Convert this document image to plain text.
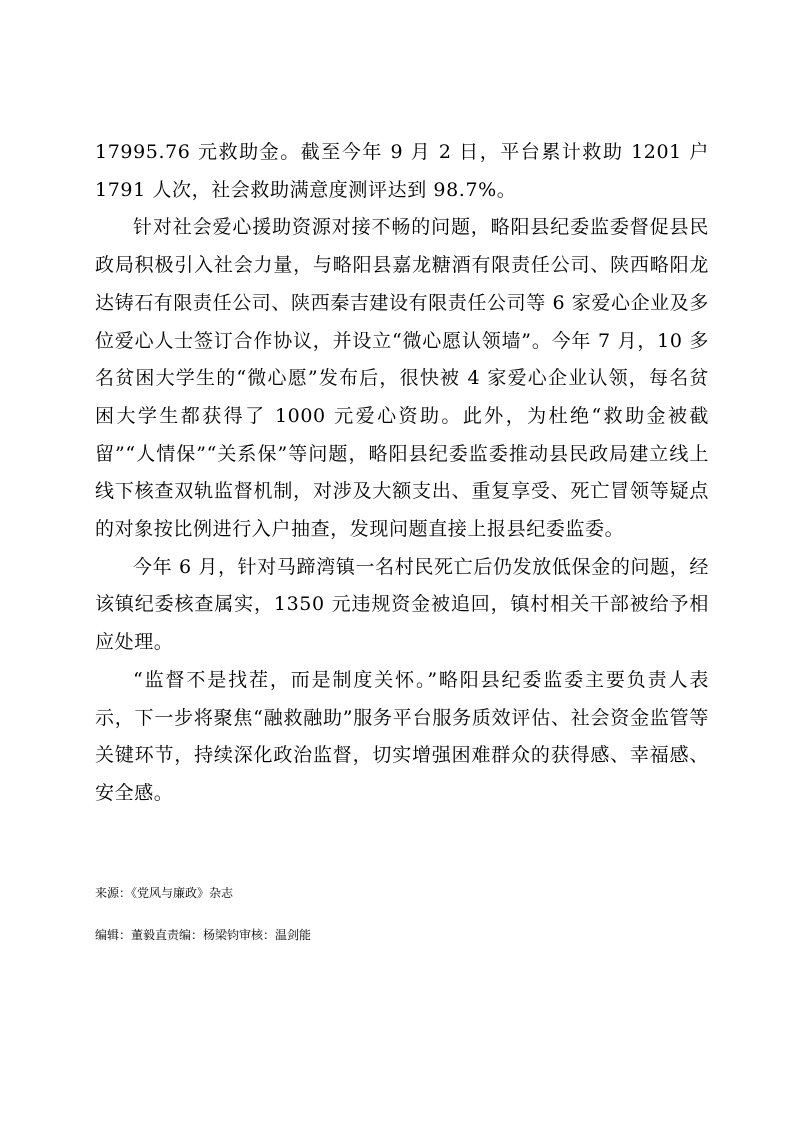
17995.76 元救助金。截至今年 9 月 2 日，平台累计救助 1201 户 1791 人次，社会救助满意度测评达到 98.7%。

针对社会爱心援助资源对接不畅的问题，略阳县纪委监委督促县民政局积极引入社会力量，与略阳县嘉龙糖酒有限责任公司、陕西略阳龙达铸石有限责任公司、陕西秦吉建设有限责任公司等 6 家爱心企业及多位爱心人士签订合作协议，并设立“微心愿认领墙”。今年 7 月，10 多名贫困大学生的“微心愿”发布后，很快被 4 家爱心企业认领，每名贫困大学生都获得了 1000 元爱心资助。此外，为杜绝“救助金被截留”“人情保”“关系保”等问题，略阳县纪委监委推动县民政局建立线上线下核查双轨监督机制，对涉及大额支出、重复享受、死亡冒领等疑点的对象按比例进行入户抽查，发现问题直接上报县纪委监委。

今年 6 月，针对马蹄湾镇一名村民死亡后仍发放低保金的问题，经该镇纪委核查属实，1350 元违规资金被追回，镇村相关干部被给予相应处理。

“监督不是找茬，而是制度关怀。”略阳县纪委监委主要负责人表示，下一步将聚焦“融救融助”服务平台服务质效评估、社会资金监管等关键环节，持续深化政治监督，切实增强困难群众的获得感、幸福感、安全感。

来源：《党风与廉政》杂志
编辑：董毅直责编：杨梁钧审核：温剑能
